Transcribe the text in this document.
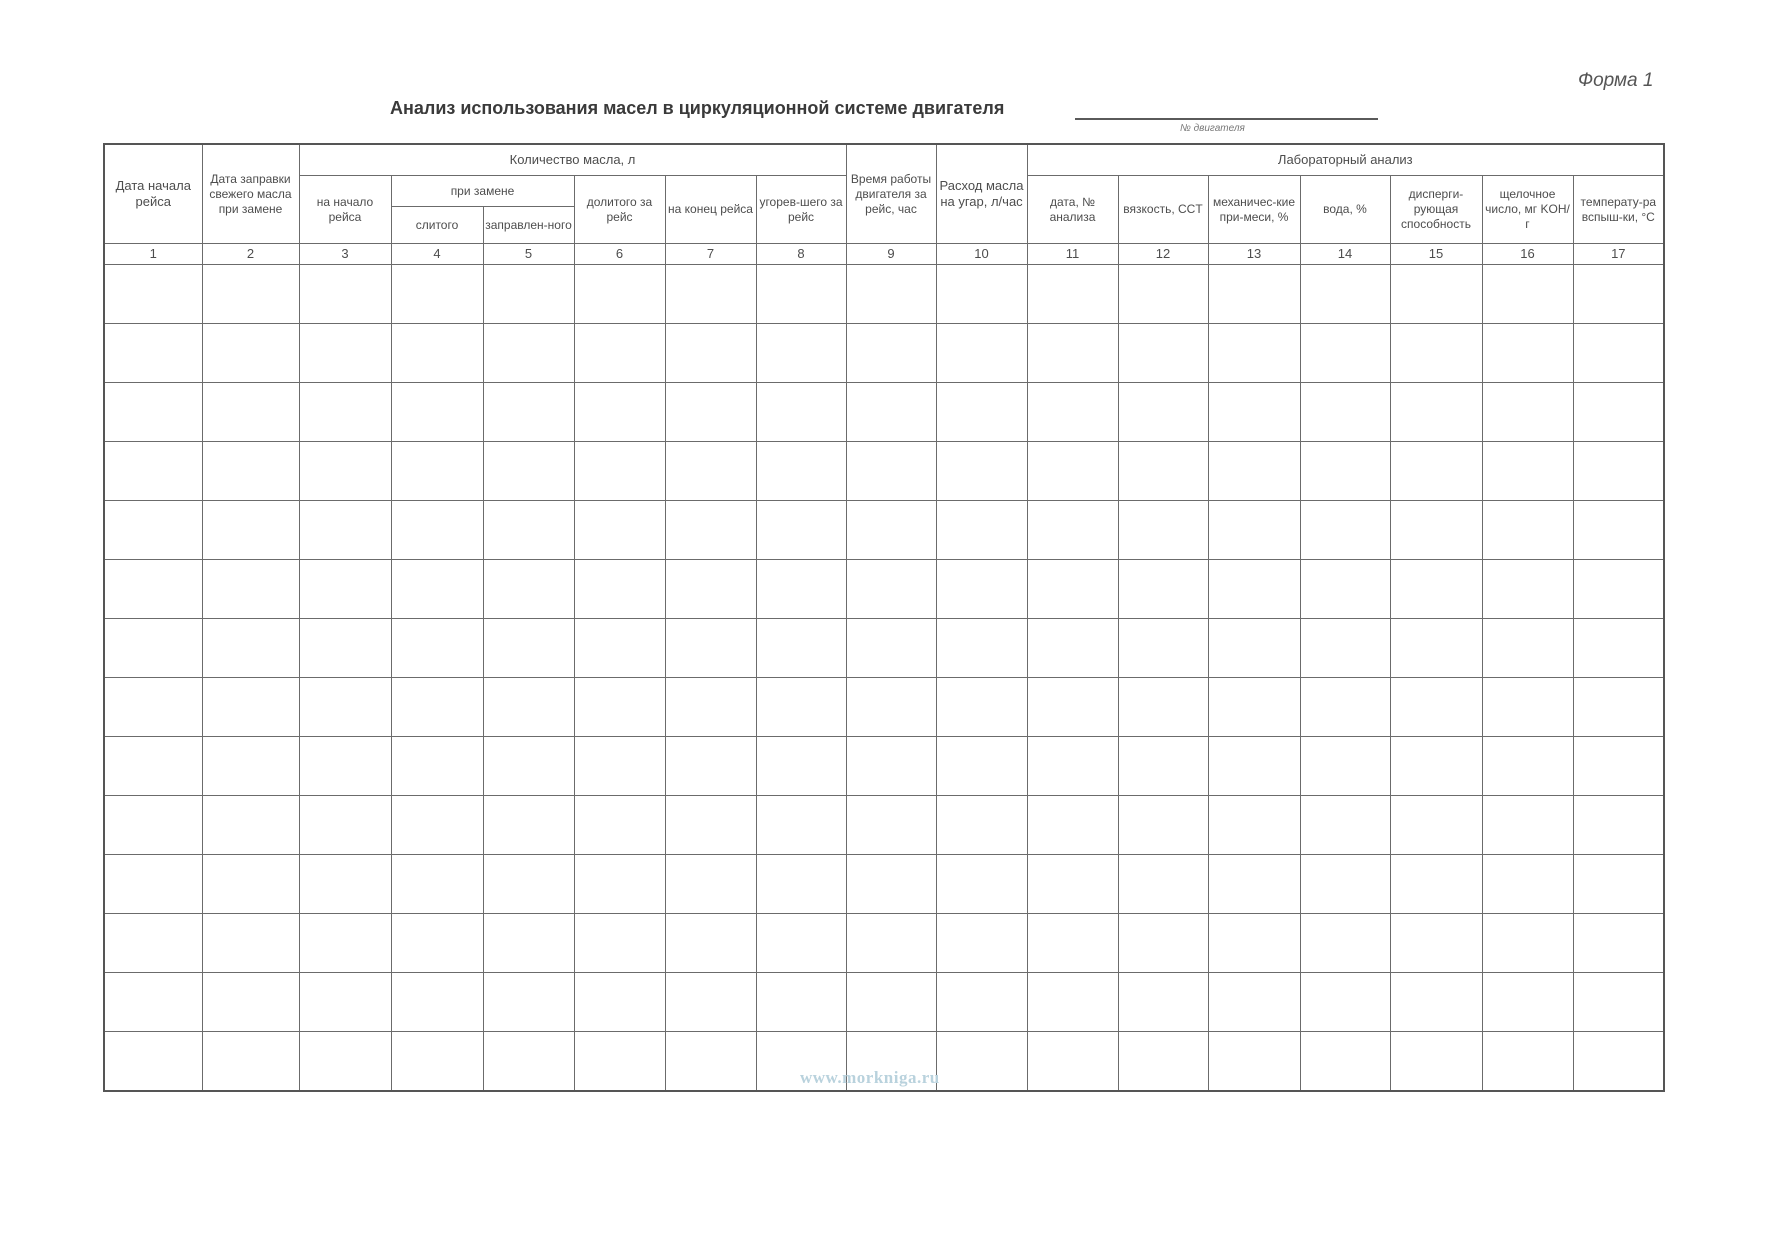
Форма 1
Анализ использования масел в циркуляционной системе двигателя
№ двигателя
Дата начала рейса	Дата заправки свежего масла при замене	Количество масла, л						Время работы двигателя за рейс, час	Расход масла на угар, л/час	Лабораторный анализ						
		на начало рейса	при замене		долитого за рейс	на конец рейса	угорев-шего за рейс			дата, № анализа	вязкость, CCT	механичес-кие при-меси, %	вода, %	дисперги-рующая способность	щелочное число, мг KOH/г	температу-ра вспыш-ки, °C
			слитого	заправлен-ного												
1	2	3	4	5	6	7	8	9	10	11	12	13	14	15	16	17

www.morkniga.ru
